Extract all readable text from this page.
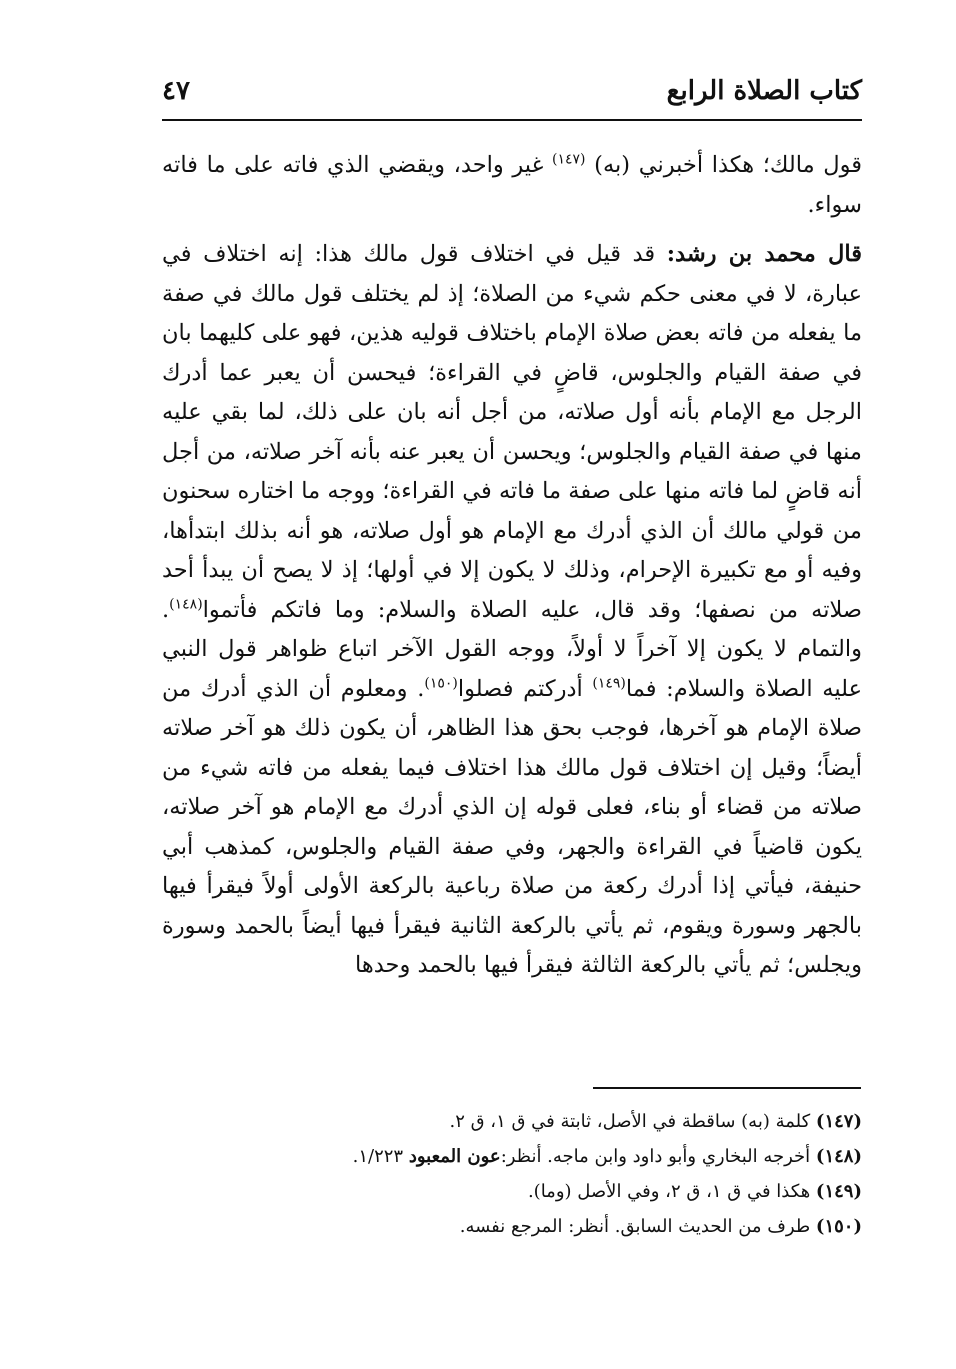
كتاب الصلاة الرابع
٤٧

قول مالك؛ هكذا أخبرني (به) $^{(١٤٧)}$ غير واحد، ويقضي الذي فاته على ما فاته سواء.

قال محمد بن رشد: قد قيل في اختلاف قول مالك هذا: إنه اختلاف في عبارة، لا في معنى حكم شيء من الصلاة؛ إذ لم يختلف قول مالك في صفة ما يفعله من فاته بعض صلاة الإمام باختلاف قوليه هذين، فهو على كليهما بان في صفة القيام والجلوس، قاضٍ في القراءة؛ فيحسن أن يعبر عما أدرك الرجل مع الإمام بأنه أول صلاته، من أجل أنه بان على ذلك، لما بقي عليه منها في صفة القيام والجلوس؛ ويحسن أن يعبر عنه بأنه آخر صلاته، من أجل أنه قاضٍ لما فاته منها على صفة ما فاته في القراءة؛ ووجه ما اختاره سحنون من قولي مالك أن الذي أدرك مع الإمام هو أول صلاته، هو أنه بذلك ابتدأها، وفيه أو مع تكبيرة الإحرام، وذلك لا يكون إلا في أولها؛ إذ لا يصح أن يبدأ أحد صلاته من نصفها؛ وقد قال، عليه الصلاة والسلام: وما فاتكم فأتموا$^{(١٤٨)}$. والتمام لا يكون إلا آخراً لا أولاً، ووجه القول الآخر اتباع ظواهر قول النبي عليه الصلاة والسلام: فما$^{(١٤٩)}$ أدركتم فصلوا$^{(١٥٠)}$. ومعلوم أن الذي أدرك من صلاة الإمام هو آخرها، فوجب بحق هذا الظاهر، أن يكون ذلك هو آخر صلاته أيضاً؛ وقيل إن اختلاف قول مالك هذا اختلاف فيما يفعله من فاته شيء من صلاته من قضاء أو بناء، فعلى قوله إن الذي أدرك مع الإمام هو آخر صلاته، يكون قاضياً في القراءة والجهر، وفي صفة القيام والجلوس، كمذهب أبي حنيفة، فيأتي إذا أدرك ركعة من صلاة رباعية بالركعة الأولى أولاً فيقرأ فيها بالجهر وسورة ويقوم، ثم يأتي بالركعة الثانية فيقرأ فيها أيضاً بالحمد وسورة ويجلس؛ ثم يأتي بالركعة الثالثة فيقرأ فيها بالحمد وحدها

(١٤٧) كلمة (به) ساقطة في الأصل، ثابتة في ق ١، ق ٢.
(١٤٨) أخرجه البخاري وأبو داود وابن ماجه. أنظر:عون المعبود ١/٢٢٣.
(١٤٩) هكذا في ق ١، ق ٢، وفي الأصل (وما).
(١٥٠) طرف من الحديث السابق. أنظر: المرجع نفسه.
